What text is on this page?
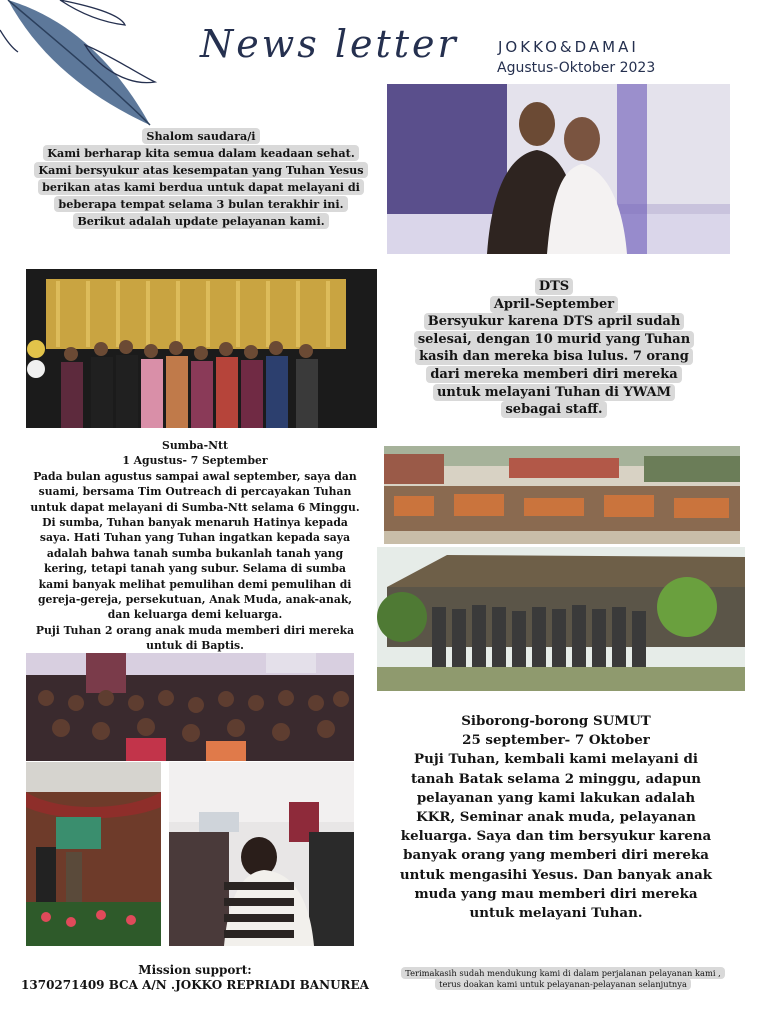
News letter	JOKKO&DAMAI
Agustus-Oktober 2023

Shalom saudara/i

Kami berharap kita semua dalam keadaan sehat.

Kami bersyukur atas kesempatan yang Tuhan Yesus

berikan atas kami berdua untuk dapat melayani di

beberapa tempat selama 3 bulan terakhir ini.

Berikut adalah update pelayanan kami.

DTS

April-September

Bersyukur karena DTS april sudah

selesai, dengan 10 murid yang Tuhan

kasih dan mereka bisa lulus. 7 orang

dari mereka memberi diri mereka

untuk melayani Tuhan di YWAM

sebagai staff.

Sumba-Ntt

1 Agustus- 7 September

Pada bulan agustus sampai awal september, saya dan

suami, bersama Tim Outreach di percayakan Tuhan

untuk dapat melayani di Sumba-Ntt selama 6 Minggu.

Di sumba, Tuhan banyak menaruh Hatinya kepada

saya. Hati Tuhan yang Tuhan ingatkan kepada saya

adalah bahwa tanah sumba bukanlah tanah yang

kering, tetapi tanah yang subur. Selama di sumba

kami banyak melihat pemulihan demi pemulihan di

gereja-gereja, persekutuan, Anak Muda, anak-anak,

dan keluarga demi keluarga.

Puji Tuhan 2 orang anak muda memberi diri mereka

untuk di Baptis.

Siborong-borong SUMUT

25 september- 7 Oktober

Puji Tuhan, kembali kami melayani di

tanah Batak selama 2 minggu, adapun

pelayanan yang kami lakukan adalah

KKR, Seminar anak muda, pelayanan

keluarga. Saya dan tim bersyukur karena

banyak orang yang memberi diri mereka

untuk mengasihi Yesus. Dan banyak anak

muda yang mau memberi diri mereka

untuk melayani Tuhan.

Mission support:

1370271409 BCA A/N .JOKKO REPRIADI BANUREA

Terimakasih sudah mendukung kami di dalam perjalanan pelayanan kami ,

terus doakan kami untuk pelayanan-pelayanan selanjutnya
